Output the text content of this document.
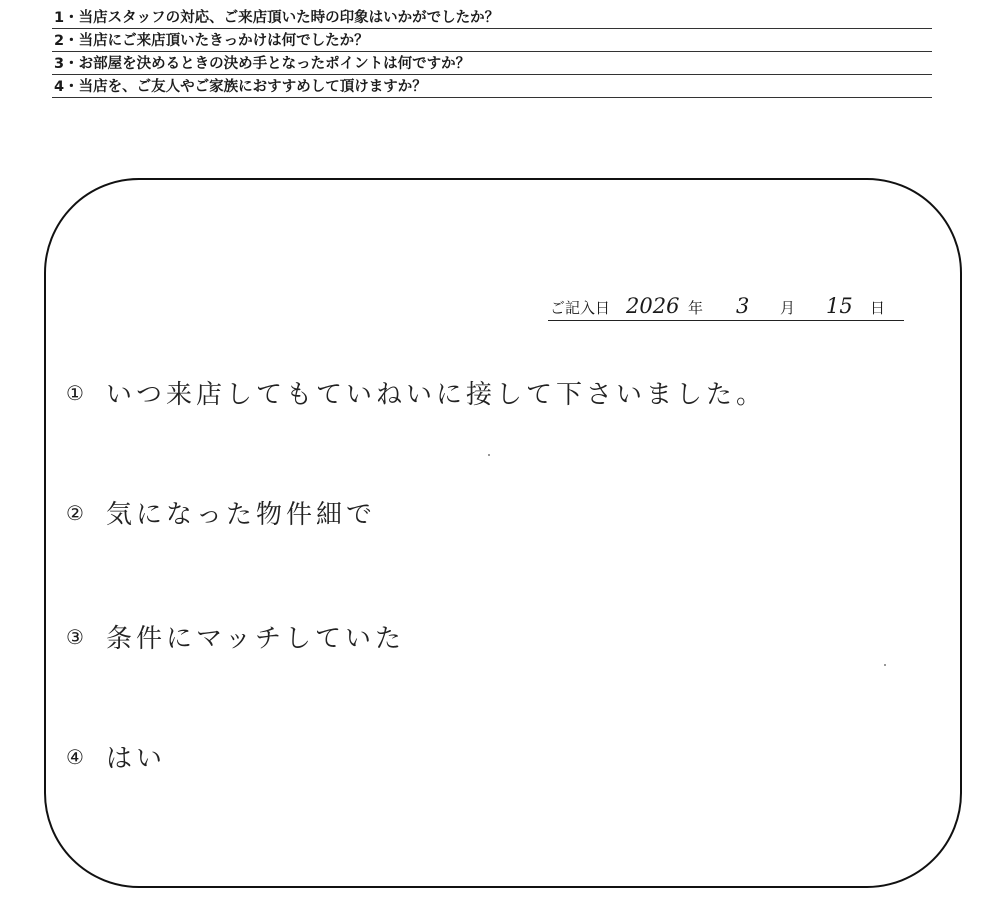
1・当店スタッフの対応、ご来店頂いた時の印象はいかがでしたか？
2・当店にご来店頂いたきっかけは何でしたか？
3・お部屋を決めるときの決め手となったポイントは何ですか？
4・当店を、ご友人やご家族におすすめして頂けますか？
ご記入日 2026 年 3 月 15 日
① いつ来店してもていねいに接して下さいました。
② 気になった物件細で
③ 条件にマッチしていた
④ はい
